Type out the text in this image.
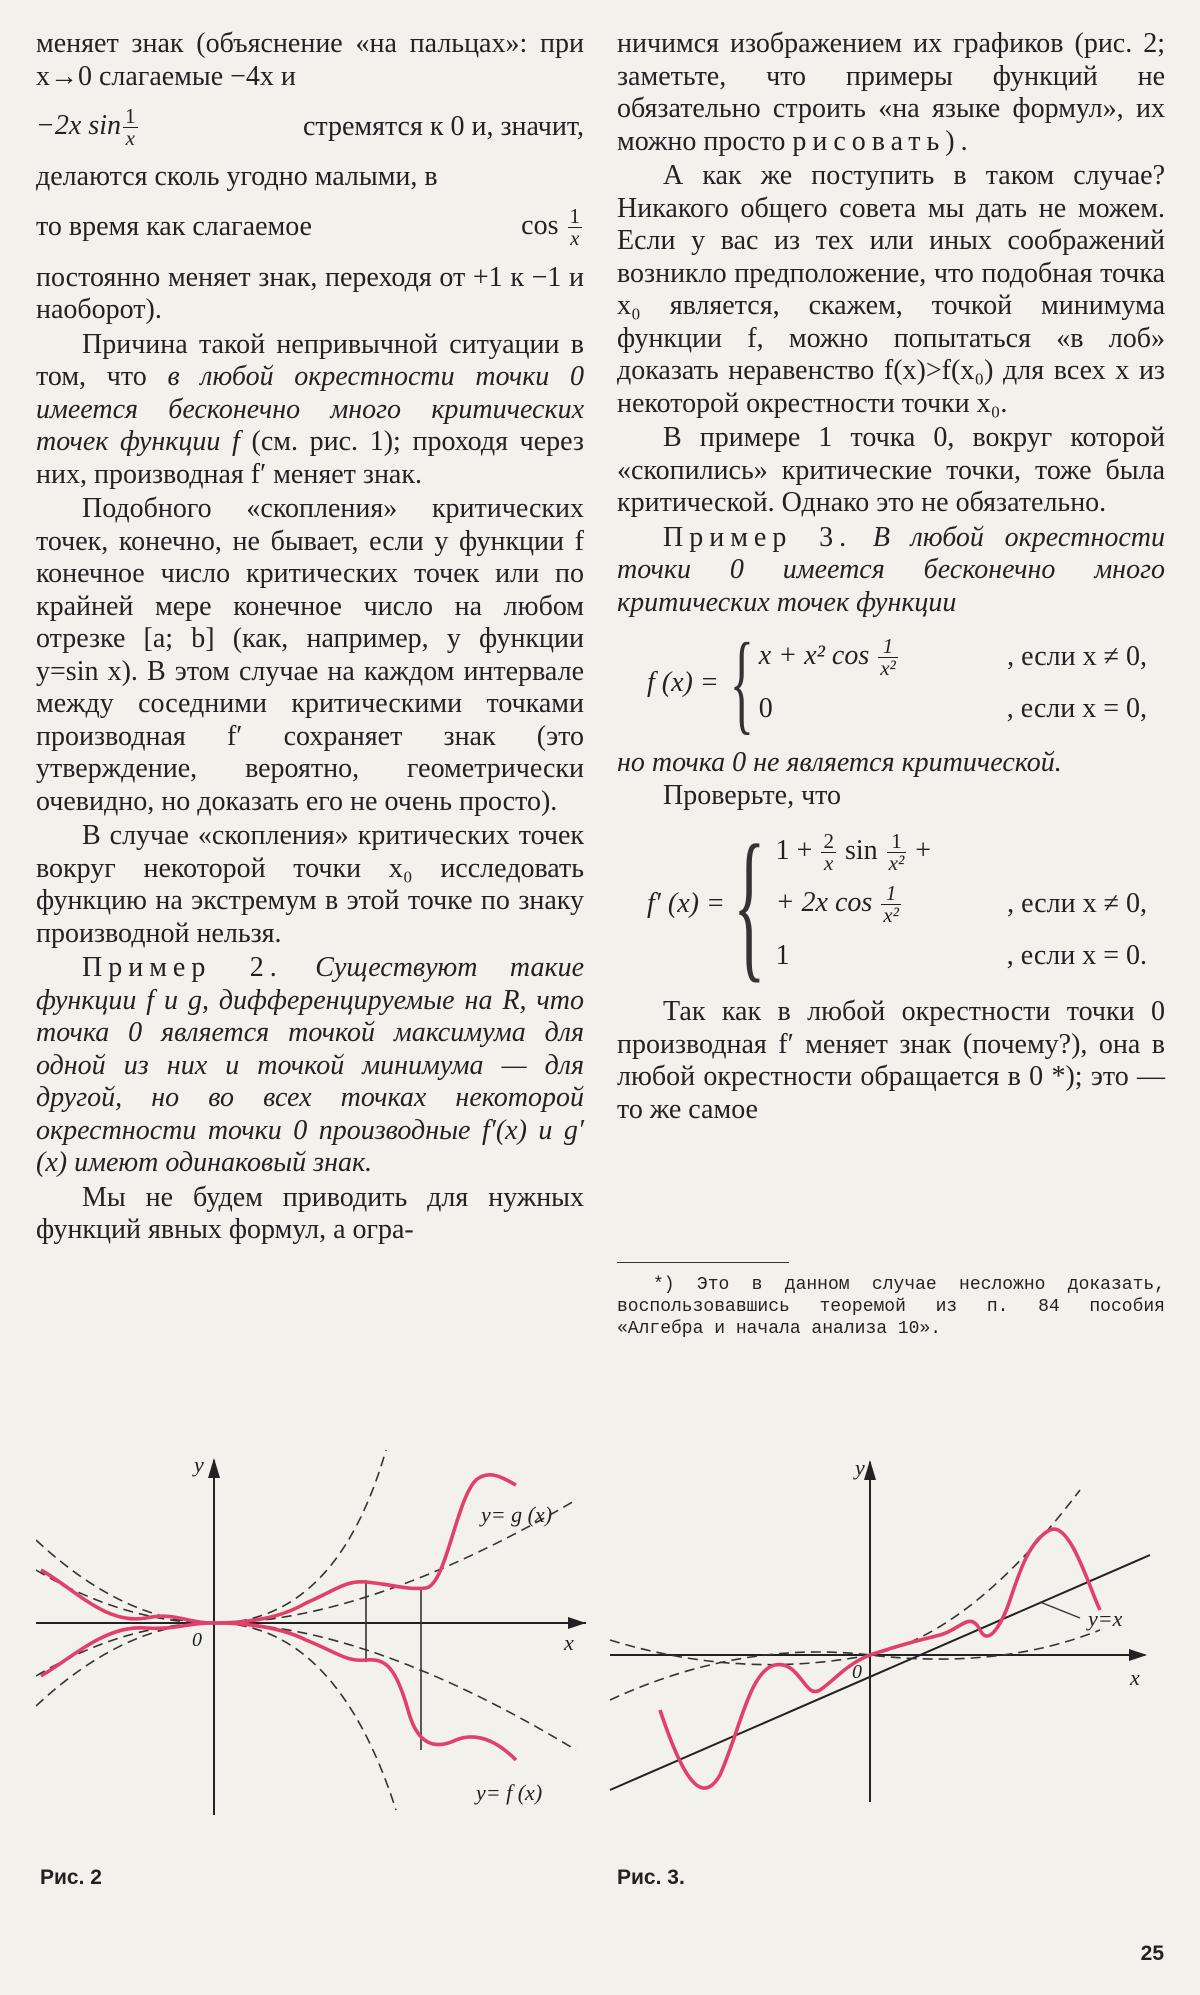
меняет знак (объяснение «на пальцах»: при x→0 слагаемые −4x и

−2x $\sin \frac{1}{x}$	стремятся к 0 и, значит,

делаются сколь угодно малыми, в

то время как слагаемое	$\cos \frac{1}{x}$

постоянно меняет знак, переходя от +1 к −1 и наоборот).

Причина такой непривычной ситуации в том, что в любой окрестности точки 0 имеется бесконечно много критических точек функции f (см. рис. 1); проходя через них, производная f′ меняет знак.

Подобного «скопления» критических точек, конечно, не бывает, если у функции f конечное число критических точек или по крайней мере конечное число на любом отрезке [a; b] (как, например, у функции y=sin x). В этом случае на каждом интервале между соседними критическими точками производная f′ сохраняет знак (это утверждение, вероятно, геометрически очевидно, но доказать его не очень просто).

В случае «скопления» критических точек вокруг некоторой точки x₀ исследовать функцию на экстремум в этой точке по знаку производной нельзя.

Пример 2. Существуют такие функции f и g, дифференцируемые на R, что точка 0 является точкой максимума для одной из них и точкой минимума — для другой, но во всех точках некоторой окрестности точки 0 производные f′(x) и g′(x) имеют одинаковый знак.

Мы не будем приводить для нужных функций явных формул, а огра-

ничимся изображением их графиков (рис. 2; заметьте, что примеры функций не обязательно строить «на языке формул», их можно просто рисовать).

А как же поступить в таком случае? Никакого общего совета мы дать не можем. Если у вас из тех или иных соображений возникло предположение, что подобная точка x₀ является, скажем, точкой минимума функции f, можно попытаться «в лоб» доказать неравенство f(x)>f(x₀) для всех x из некоторой окрестности точки x₀.

В примере 1 точка 0, вокруг которой «скопились» критические точки, тоже была критической. Однако это не обязательно.

Пример 3. В любой окрестности точки 0 имеется бесконечно много критических точек функции

f (x) = { x + x² $\cos \frac{1}{\text{x²}}$	, если x ≠ 0,
0	, если x = 0,

но точка 0 не является критической.

Проверьте, что

f′ (x) = { $1 + \frac{2}{x}$ $\sin \frac{1}{\text{x²}}$ +
+ 2x $\cos \frac{1}{\text{x²}}$	, если x ≠ 0,
1	, если x = 0.

Так как в любой окрестности точки 0 производная f′ меняет знак (почему?), она в любой окрестности обращается в 0 *); это — то же самое

*) Это в данном случае несложно доказать, воспользовавшись теоремой из п. 84 пособия «Алгебра и начала анализа 10».
y
x
0
y= g (x)
y= f (x)
Рис. 2
y
x
0
y=x
Рис. 3.
25
